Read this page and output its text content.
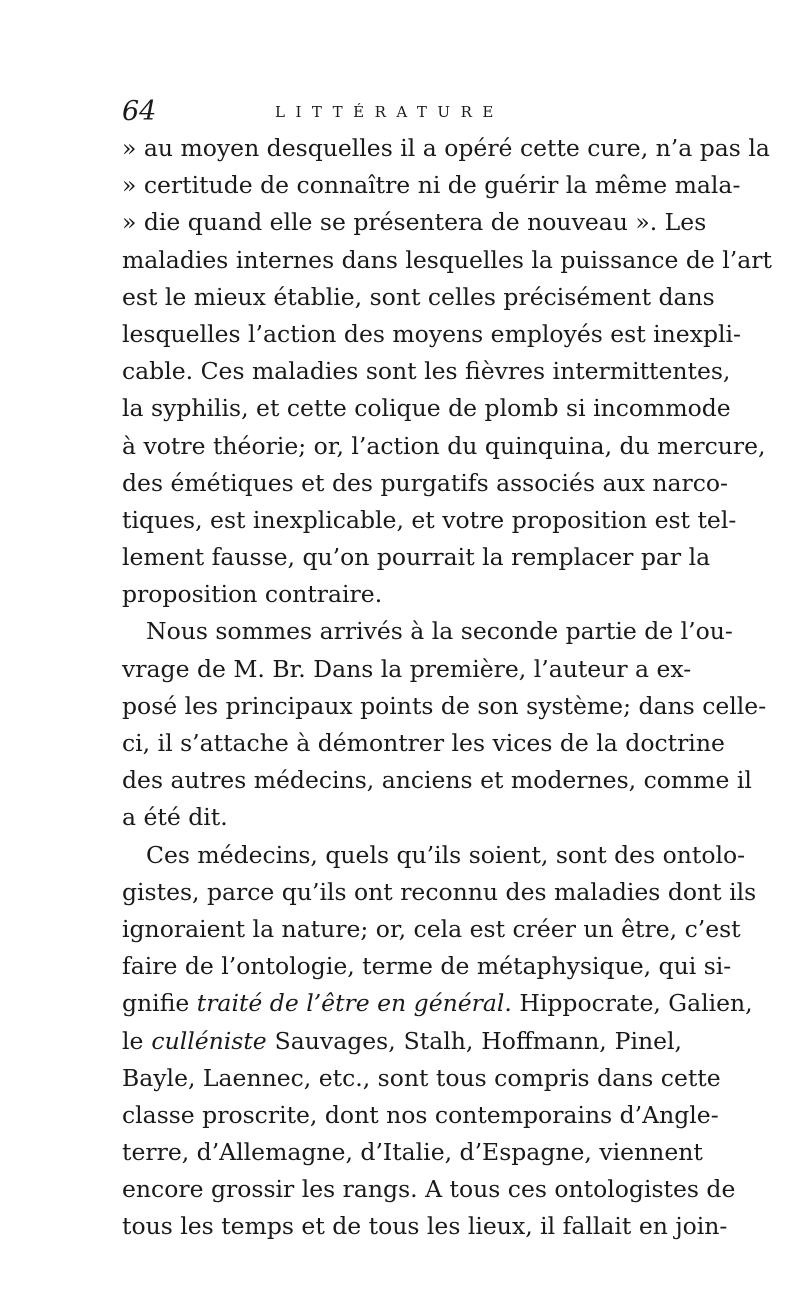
64	LITTÉRATURE
» au moyen desquelles il a opéré cette cure, n’a pas la
» certitude de connaître ni de guérir la même mala-
» die quand elle se présentera de nouveau ». Les
maladies internes dans lesquelles la puissance de l’art
est le mieux établie, sont celles précisément dans
lesquelles l’action des moyens employés est inexpli-
cable. Ces maladies sont les fièvres intermittentes,
la syphilis, et cette colique de plomb si incommode
à votre théorie; or, l’action du quinquina, du mercure,
des émétiques et des purgatifs associés aux narco-
tiques, est inexplicable, et votre proposition est tel-
lement fausse, qu’on pourrait la remplacer par la
proposition contraire.
Nous sommes arrivés à la seconde partie de l’ou-
vrage de M. Br. Dans la première, l’auteur a ex-
posé les principaux points de son système; dans celle-
ci, il s’attache à démontrer les vices de la doctrine
des autres médecins, anciens et modernes, comme il
a été dit.
Ces médecins, quels qu’ils soient, sont des ontolo-
gistes, parce qu’ils ont reconnu des maladies dont ils
ignoraient la nature; or, cela est créer un être, c’est
faire de l’ontologie, terme de métaphysique, qui si-
gnifie traité de l’être en général. Hippocrate, Galien,
le culléniste Sauvages, Stalh, Hoffmann, Pinel,
Bayle, Laennec, etc., sont tous compris dans cette
classe proscrite, dont nos contemporains d’Angle-
terre, d’Allemagne, d’Italie, d’Espagne, viennent
encore grossir les rangs. A tous ces ontologistes de
tous les temps et de tous les lieux, il fallait en join-
